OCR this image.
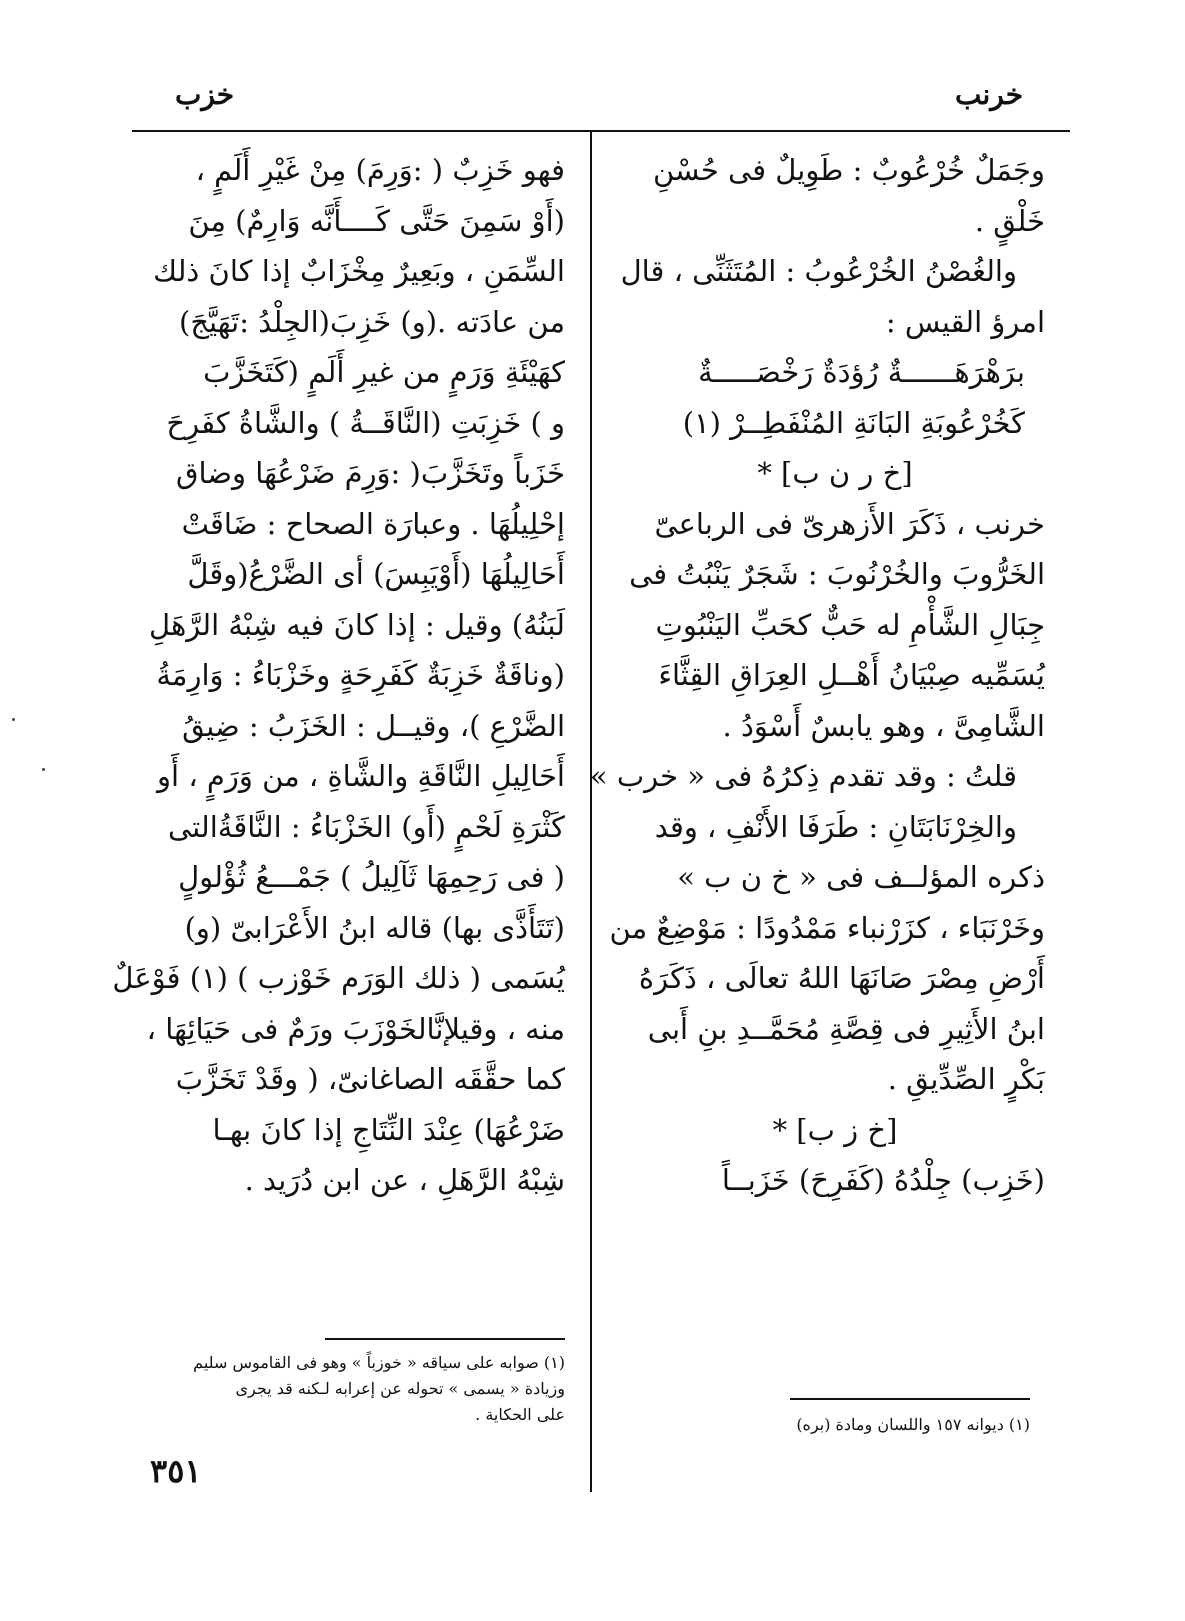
خزب	خرنب
وجَمَلٌ خُرْعُوبٌ : طَوِيلٌ فى حُسْنِ
خَلْقٍ .
والغُصْنُ الخُرْعُوبُ : المُتَثَنِّى ، قال
امرؤ القيس :
برَهْرَهَــــــةٌ رُؤدَةٌ رَخْصَـــــةٌ
كَخُرْعُوبَةِ البَانَةِ المُنْفَطِــرْ (١)
[خ ر ن ب] *
خرنب ، ذَكَرَ الأَزهرىّ فى الرباعىّ
الخَرُّوبَ والخُرْنُوبَ : شَجَرٌ يَنْبُتُ فى
جِبَالِ الشَّأْمِ له حَبٌّ كحَبِّ اليَنْبُوتِ
يُسَمِّيه صِبْيَانُ أَهْــلِ العِرَاقِ القِثَّاءَ
الشَّامِىَّ ، وهو يابسٌ أَسْوَدُ .
قلتُ : وقد تقدم ذِكرُهُ فى « خرب »
والخِرْنَابَتَانِ : طَرَفَا الأَنْفِ ، وقد
ذكره المؤلــف فى « خ ن ب »
وخَرْنَبَاء ، كزَرْنباء مَمْدُودًا : مَوْضِعٌ من
أَرْضِ مِصْرَ صَانَهَا اللهُ تعالَى ، ذَكَرَهُ
ابنُ الأَثِيرِ فى قِصَّةِ مُحَمَّــدِ بنِ أَبى
بَكْرٍ الصِّدِّيقِ .
[خ ز ب] *
(خَزِب) جِلْدُهُ (كَفَرِحَ) خَزَبــاً
فهو خَزِبٌ ( :وَرِمَ) مِنْ غَيْرِ أَلَمٍ ،
(أَوْ سَمِنَ حَتَّى كَــــأَنَّه وَارِمٌ) مِنَ
السِّمَنِ ، وبَعِيرٌ مِخْزَابٌ إذا كانَ ذلك
من عادَته .(و) خَزِبَ(الجِلْدُ :تَهَيَّجَ)
كهَيْئَةِ وَرَمٍ من غيرِ أَلَمٍ (كَتَخَزَّبَ
و ) خَزِبَتِ (النَّاقَــةُ ) والشَّاةُ كفَرِحَ
خَزَباً وتَخَزَّبَ( :وَرِمَ ضَرْعُهَا وضاق
إحْلِيلُهَا . وعبارَة الصحاح : ضَاقَتْ
أَحَالِيلُهَا (أَوْيَبِسَ) أى الضَّرْعُ(وقَلَّ
لَبَنُهُ) وقيل : إذا كانَ فيه شِبْهُ الرَّهَلِ
(وناقَةٌ خَزِبَةٌ كَفَرِحَةٍ وخَزْبَاءُ : وَارِمَةُ
الضَّرْعِ )، وقيــل : الخَزَبُ : ضِيقُ
أَحَالِيلِ النَّاقَةِ والشَّاةِ ، من وَرَمٍ ، أَو
كَثْرَةِ لَحْمٍ (أَو) الخَزْبَاءُ : النَّاقَةُالتى
( فى رَحِمِهَا ثَآلِيلُ ) جَمْـــعُ ثُؤْلولٍ
(تَتَأَذَّى بها) قاله ابنُ الأَعْرَابىّ (و)
يُسَمى ( ذلك الوَرَم خَوْزب ) (١) فَوْعَلٌ
منه ، وقيلإنَّالخَوْزَبَ ورَمٌ فى حَيَائِهَا ،
كما حقَّقَه الصاغانىّ، ( وقَدْ تَخَزَّبَ
ضَرْعُهَا) عِنْدَ النِّتَاجِ إذا كانَ بهـا
شِبْهُ الرَّهَلِ ، عن ابن دُرَيد .
(١) ديوانه ١٥٧ واللسان ومادة (بره)
(١) صوابه على سياقه « خوزباً » وهو فى القاموس سليم
وزيادة « يسمى » تحوله عن إعرابه لـكنه قد يجرى
على الحكاية .
٣٥١
